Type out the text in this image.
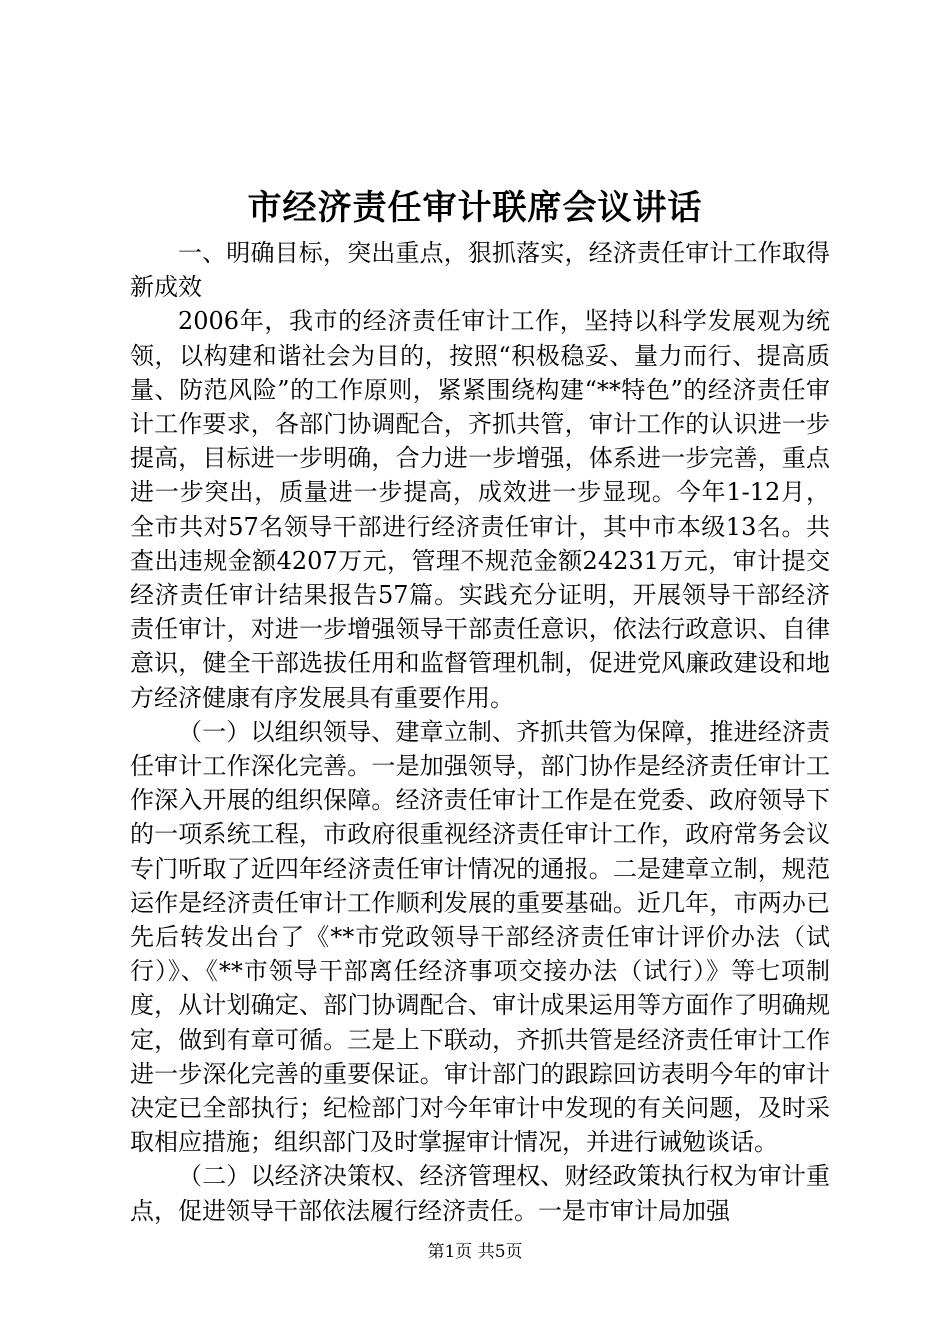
市经济责任审计联席会议讲话

一、明确目标，突出重点，狠抓落实，经济责任审计工作取得新成效

2006年，我市的经济责任审计工作，坚持以科学发展观为统领，以构建和谐社会为目的，按照“积极稳妥、量力而行、提高质量、防范风险”的工作原则，紧紧围绕构建“**特色”的经济责任审计工作要求，各部门协调配合，齐抓共管，审计工作的认识进一步提高，目标进一步明确，合力进一步增强，体系进一步完善，重点进一步突出，质量进一步提高，成效进一步显现。今年1-12月，全市共对57名领导干部进行经济责任审计，其中市本级13名。共查出违规金额4207万元，管理不规范金额24231万元，审计提交经济责任审计结果报告57篇。实践充分证明，开展领导干部经济责任审计，对进一步增强领导干部责任意识，依法行政意识、自律意识，健全干部选拔任用和监督管理机制，促进党风廉政建设和地方经济健康有序发展具有重要作用。

（一）以组织领导、建章立制、齐抓共管为保障，推进经济责任审计工作深化完善。一是加强领导，部门协作是经济责任审计工作深入开展的组织保障。经济责任审计工作是在党委、政府领导下的一项系统工程，市政府很重视经济责任审计工作，政府常务会议专门听取了近四年经济责任审计情况的通报。二是建章立制，规范运作是经济责任审计工作顺利发展的重要基础。近几年，市两办已先后转发出台了《**市党政领导干部经济责任审计评价办法（试行）》、《**市领导干部离任经济事项交接办法（试行）》等七项制度，从计划确定、部门协调配合、审计成果运用等方面作了明确规定，做到有章可循。三是上下联动，齐抓共管是经济责任审计工作进一步深化完善的重要保证。审计部门的跟踪回访表明今年的审计决定已全部执行；纪检部门对今年审计中发现的有关问题，及时采取相应措施；组织部门及时掌握审计情况，并进行诫勉谈话。

（二）以经济决策权、经济管理权、财经政策执行权为审计重点，促进领导干部依法履行经济责任。一是市审计局加强

第1页 共5页
